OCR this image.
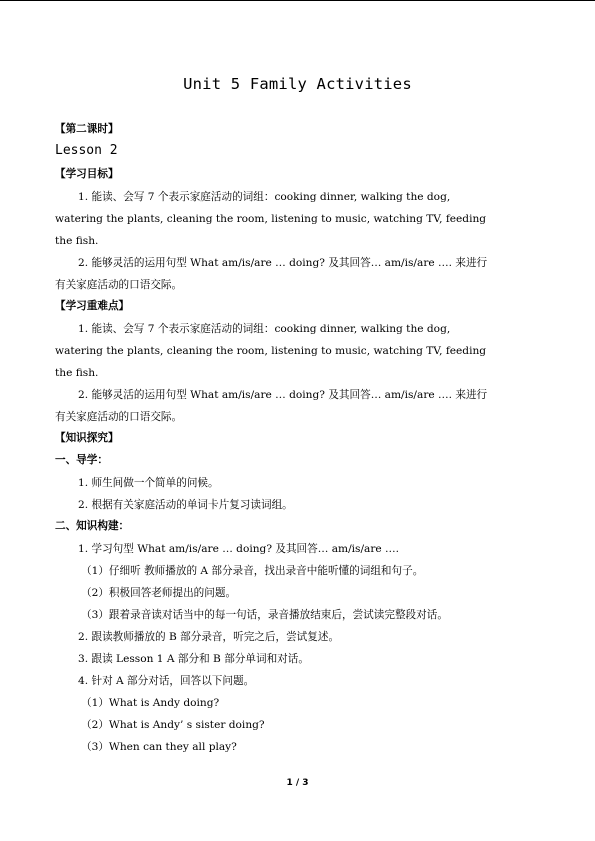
Unit 5 Family Activities
【第二课时】
Lesson 2
【学习目标】
1. 能读、会写 7 个表示家庭活动的词组：cooking dinner, walking the dog,
watering the plants, cleaning the room, listening to music, watching TV, feeding
the fish.
2. 能够灵活的运用句型 What am/is/are … doing? 及其回答… am/is/are …. 来进行
有关家庭活动的口语交际。
【学习重难点】
1. 能读、会写 7 个表示家庭活动的词组：cooking dinner, walking the dog,
watering the plants, cleaning the room, listening to music, watching TV, feeding
the fish.
2. 能够灵活的运用句型 What am/is/are … doing? 及其回答… am/is/are …. 来进行
有关家庭活动的口语交际。
【知识探究】
一、导学：
1. 师生间做一个简单的问候。
2. 根据有关家庭活动的单词卡片复习读词组。
二、知识构建：
1. 学习句型 What am/is/are … doing? 及其回答… am/is/are ….
（1）仔细听 教师播放的 A 部分录音，找出录音中能听懂的词组和句子。
（2）积极回答老师提出的问题。
（3）跟着录音读对话当中的每一句话，录音播放结束后，尝试读完整段对话。
2. 跟读教师播放的 B 部分录音，听完之后，尝试复述。
3. 跟读 Lesson 1 A 部分和 B 部分单词和对话。
4. 针对 A 部分对话，回答以下问题。
（1）What is Andy doing?
（2）What is Andy’ s sister doing?
（3）When can they all play?
1 / 3
